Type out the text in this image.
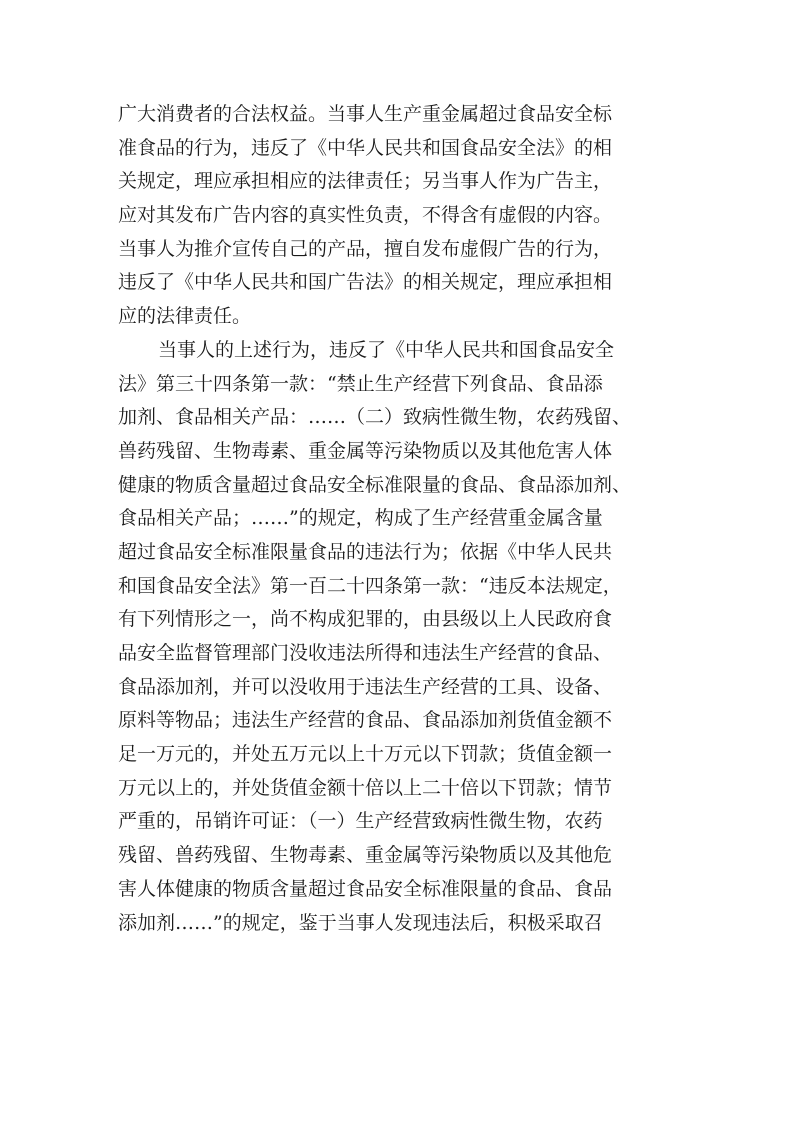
广大消费者的合法权益。当事人生产重金属超过食品安全标
准食品的行为，违反了《中华人民共和国食品安全法》的相
关规定，理应承担相应的法律责任；另当事人作为广告主，
应对其发布广告内容的真实性负责，不得含有虚假的内容。
当事人为推介宣传自己的产品，擅自发布虚假广告的行为，
违反了《中华人民共和国广告法》的相关规定，理应承担相
应的法律责任。
当事人的上述行为，违反了《中华人民共和国食品安全
法》第三十四条第一款：“禁止生产经营下列食品、食品添
加剂、食品相关产品：……（二）致病性微生物，农药残留、
兽药残留、生物毒素、重金属等污染物质以及其他危害人体
健康的物质含量超过食品安全标准限量的食品、食品添加剂、
食品相关产品；……”的规定，构成了生产经营重金属含量
超过食品安全标准限量食品的违法行为；依据《中华人民共
和国食品安全法》第一百二十四条第一款：“违反本法规定，
有下列情形之一，尚不构成犯罪的，由县级以上人民政府食
品安全监督管理部门没收违法所得和违法生产经营的食品、
食品添加剂，并可以没收用于违法生产经营的工具、设备、
原料等物品；违法生产经营的食品、食品添加剂货值金额不
足一万元的，并处五万元以上十万元以下罚款；货值金额一
万元以上的，并处货值金额十倍以上二十倍以下罚款；情节
严重的，吊销许可证：（一）生产经营致病性微生物，农药
残留、兽药残留、生物毒素、重金属等污染物质以及其他危
害人体健康的物质含量超过食品安全标准限量的食品、食品
添加剂……”的规定，鉴于当事人发现违法后，积极采取召
